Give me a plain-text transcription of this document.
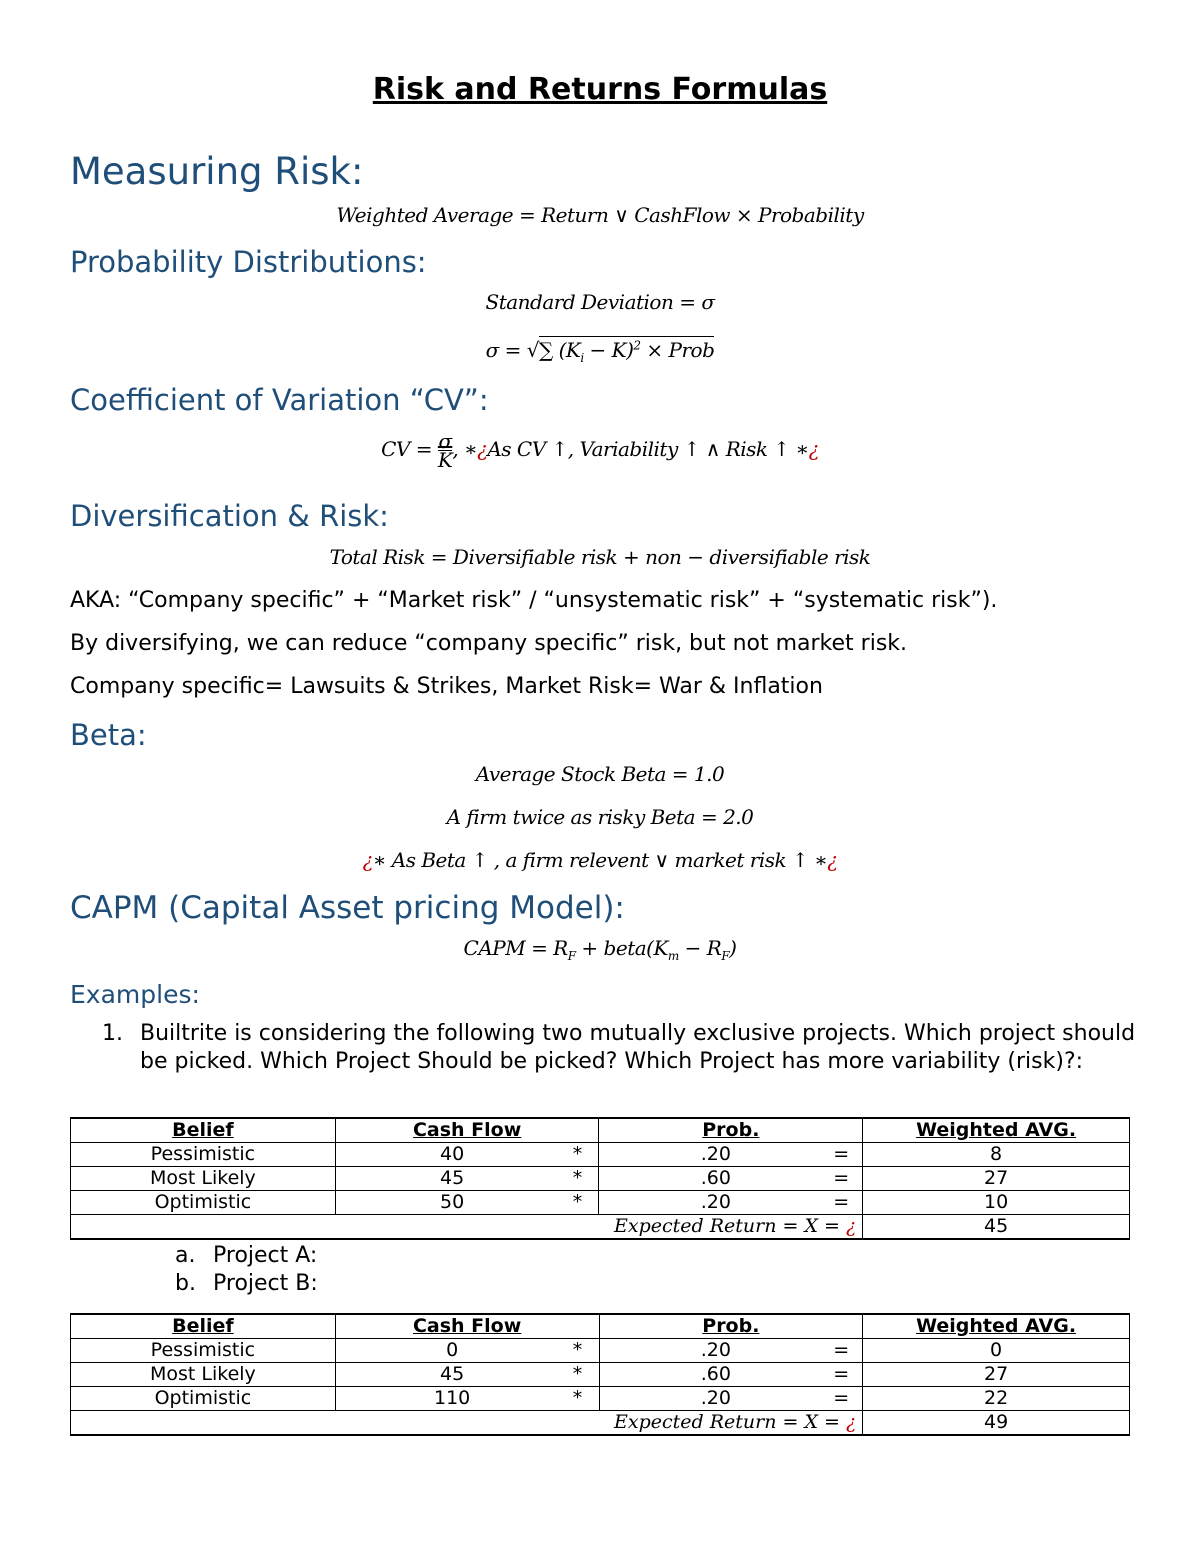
Risk and Returns Formulas
Measuring Risk:
Weighted Average = Return ∨ CashFlow × Probability
Probability Distributions:
Standard Deviation = σ
σ = √∑ $(K_i - K)^2$ × Prob
Coefficient of Variation “CV”:
CV = $\frac{\sigma}{K}$ , ∗¿As CV ↑, Variability ↑ ∧ Risk ↑ ∗¿
Diversification & Risk:
Total Risk = Diversifiable risk + non − diversifiable risk
AKA: “Company specific” + “Market risk” / “unsystematic risk” + “systematic risk”).
By diversifying, we can reduce “company specific” risk, but not market risk.
Company specific= Lawsuits & Strikes, Market Risk= War & Inflation
Beta:
Average Stock Beta = 1.0
A firm twice as risky Beta = 2.0
¿∗ As Beta ↑ , a firm relevent ∨ market risk ↑ ∗¿
CAPM (Capital Asset pricing Model):
CAPM = $R_F$ + $beta(K_m - R_F)$
Examples:
1. Builtrite is considering the following two mutually exclusive projects. Which project should be picked. Which Project Should be picked? Which Project has more variability (risk)?:
Belief	Cash Flow	Prob.	Weighted AVG.
Pessimistic	40 *	.20 =	8
Most Likely	45 *	.60 =	27
Optimistic	50 *	.20 =	10
Expected Return = $\overline{X}$ = ¿			45
a. Project A:
b. Project B:
Belief	Cash Flow	Prob.	Weighted AVG.
Pessimistic	0 *	.20 =	0
Most Likely	45 *	.60 =	27
Optimistic	110 *	.20 =	22
Expected Return = $\overline{X}$ = ¿			49
